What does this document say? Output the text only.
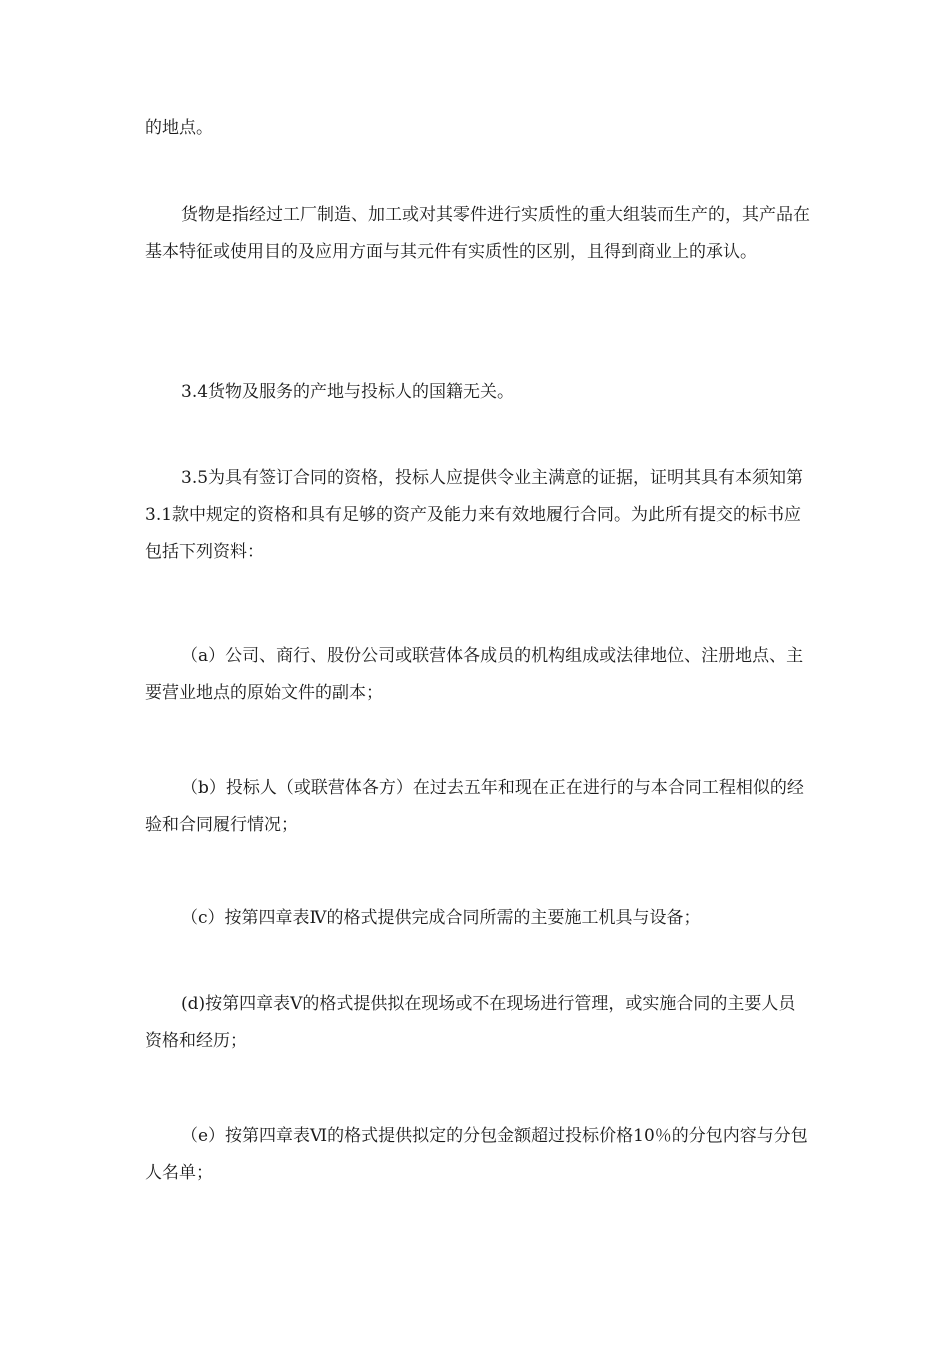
的地点。

货物是指经过工厂制造、加工或对其零件进行实质性的重大组装而生产的，其产品在基本特征或使用目的及应用方面与其元件有实质性的区别，且得到商业上的承认。

3.4货物及服务的产地与投标人的国籍无关。

3.5为具有签订合同的资格，投标人应提供令业主满意的证据，证明其具有本须知第3.1款中规定的资格和具有足够的资产及能力来有效地履行合同。为此所有提交的标书应包括下列资料：

（a）公司、商行、股份公司或联营体各成员的机构组成或法律地位、注册地点、主要营业地点的原始文件的副本；

（b）投标人（或联营体各方）在过去五年和现在正在进行的与本合同工程相似的经验和合同履行情况；

（c）按第四章表Ⅳ的格式提供完成合同所需的主要施工机具与设备；

(d)按第四章表Ⅴ的格式提供拟在现场或不在现场进行管理，或实施合同的主要人员资格和经历；

（e）按第四章表Ⅵ的格式提供拟定的分包金额超过投标价格10％的分包内容与分包人名单；
